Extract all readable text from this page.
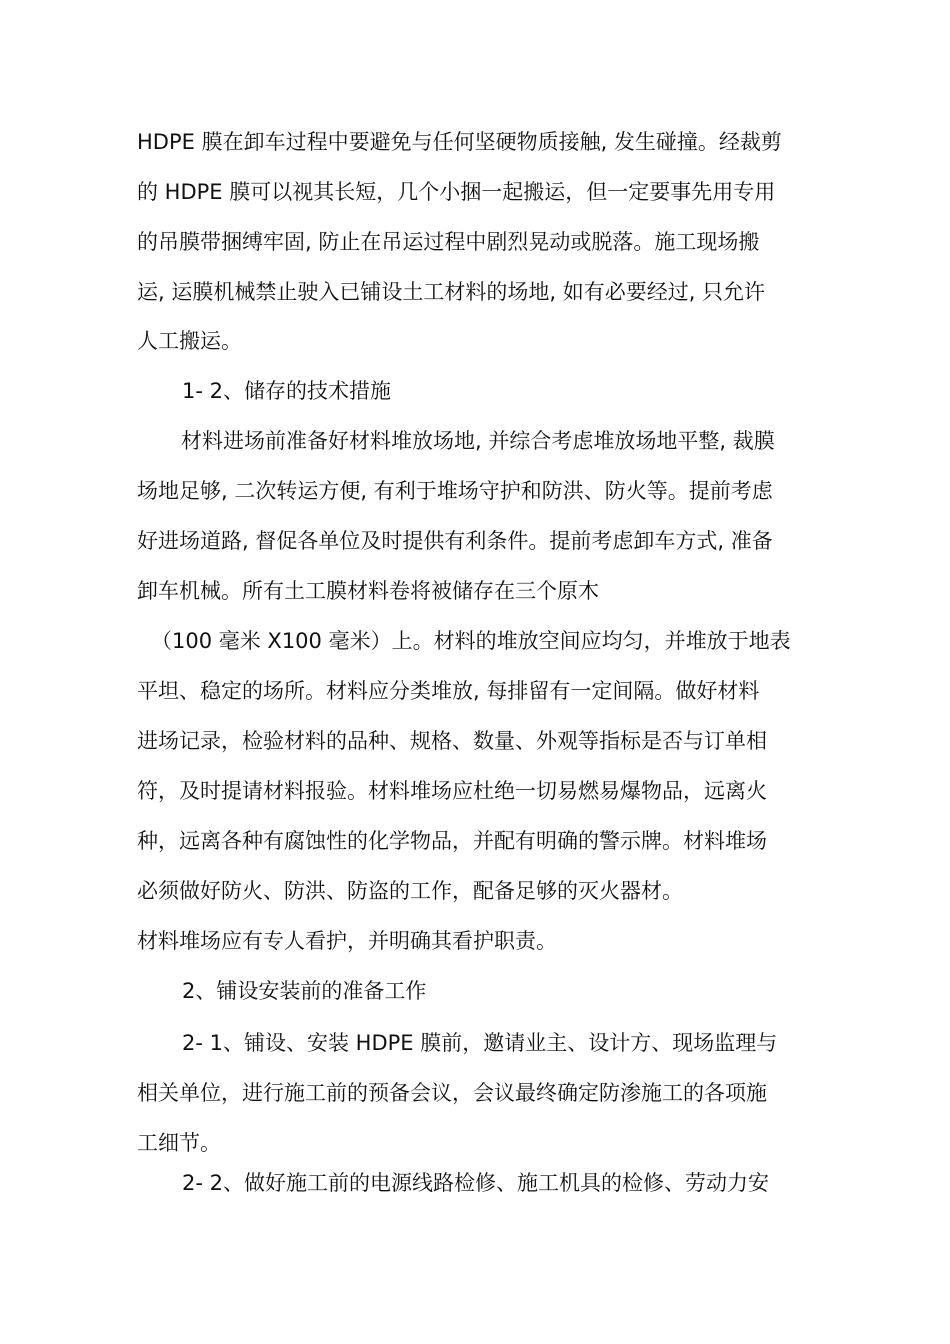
HDPE 膜在卸车过程中要避免与任何坚硬物质接触, 发生碰撞。经裁剪
的 HDPE 膜可以视其长短，几个小捆一起搬运，但一定要事先用专用
的吊膜带捆缚牢固, 防止在吊运过程中剧烈晃动或脱落。施工现场搬
运, 运膜机械禁止驶入已铺设土工材料的场地, 如有必要经过, 只允许
人工搬运。
1- 2、储存的技术措施
材料进场前准备好材料堆放场地, 并综合考虑堆放场地平整, 裁膜
场地足够, 二次转运方便, 有利于堆场守护和防洪、防火等。提前考虑
好进场道路, 督促各单位及时提供有利条件。提前考虑卸车方式, 准备
卸车机械。所有土工膜材料卷将被储存在三个原木
（100 毫米 X100 毫米）上。材料的堆放空间应均匀，并堆放于地表
平坦、稳定的场所。材料应分类堆放, 每排留有一定间隔。做好材料
进场记录，检验材料的品种、规格、数量、外观等指标是否与订单相
符，及时提请材料报验。材料堆场应杜绝一切易燃易爆物品，远离火
种，远离各种有腐蚀性的化学物品，并配有明确的警示牌。材料堆场
必须做好防火、防洪、防盗的工作，配备足够的灭火器材。
材料堆场应有专人看护，并明确其看护职责。
2、铺设安装前的准备工作
2- 1、铺设、安装 HDPE 膜前，邀请业主、设计方、现场监理与
相关单位，进行施工前的预备会议，会议最终确定防渗施工的各项施
工细节。
2- 2、做好施工前的电源线路检修、施工机具的检修、劳动力安
